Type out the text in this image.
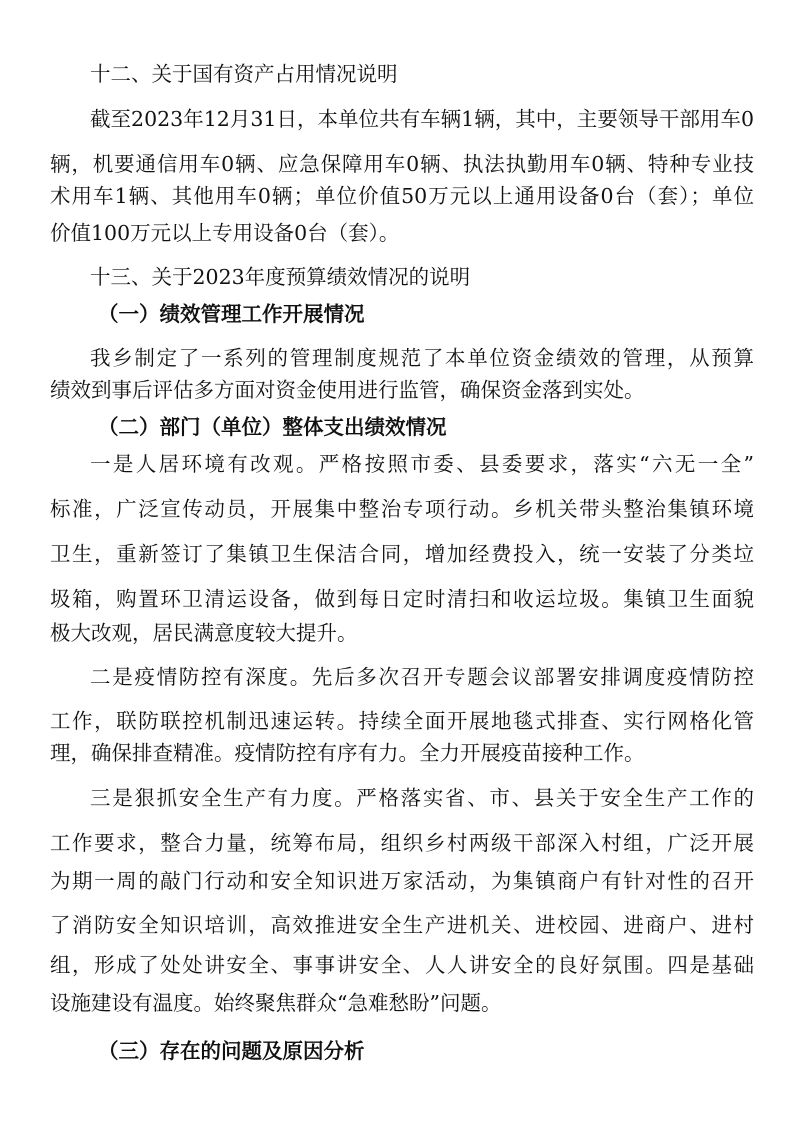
十二、关于国有资产占用情况说明
截至2023年12月31日，本单位共有车辆1辆，其中，主要领导干部用车0
辆，机要通信用车0辆、应急保障用车0辆、执法执勤用车0辆、特种专业技
术用车1辆、其他用车0辆；单位价值50万元以上通用设备0台（套）；单位
价值100万元以上专用设备0台（套）。
十三、关于2023年度预算绩效情况的说明
（一）绩效管理工作开展情况
我乡制定了一系列的管理制度规范了本单位资金绩效的管理，从预算
绩效到事后评估多方面对资金使用进行监管，确保资金落到实处。
（二）部门（单位）整体支出绩效情况
一是人居环境有改观。严格按照市委、县委要求，落实“六无一全”
标准，广泛宣传动员，开展集中整治专项行动。乡机关带头整治集镇环境
卫生，重新签订了集镇卫生保洁合同，增加经费投入，统一安装了分类垃
圾箱，购置环卫清运设备，做到每日定时清扫和收运垃圾。集镇卫生面貌
极大改观，居民满意度较大提升。
二是疫情防控有深度。先后多次召开专题会议部署安排调度疫情防控
工作，联防联控机制迅速运转。持续全面开展地毯式排查、实行网格化管
理，确保排查精准。疫情防控有序有力。全力开展疫苗接种工作。
三是狠抓安全生产有力度。严格落实省、市、县关于安全生产工作的
工作要求，整合力量，统筹布局，组织乡村两级干部深入村组，广泛开展
为期一周的敲门行动和安全知识进万家活动，为集镇商户有针对性的召开
了消防安全知识培训，高效推进安全生产进机关、进校园、进商户、进村
组，形成了处处讲安全、事事讲安全、人人讲安全的良好氛围。四是基础
设施建设有温度。始终聚焦群众“急难愁盼”问题。
（三）存在的问题及原因分析
